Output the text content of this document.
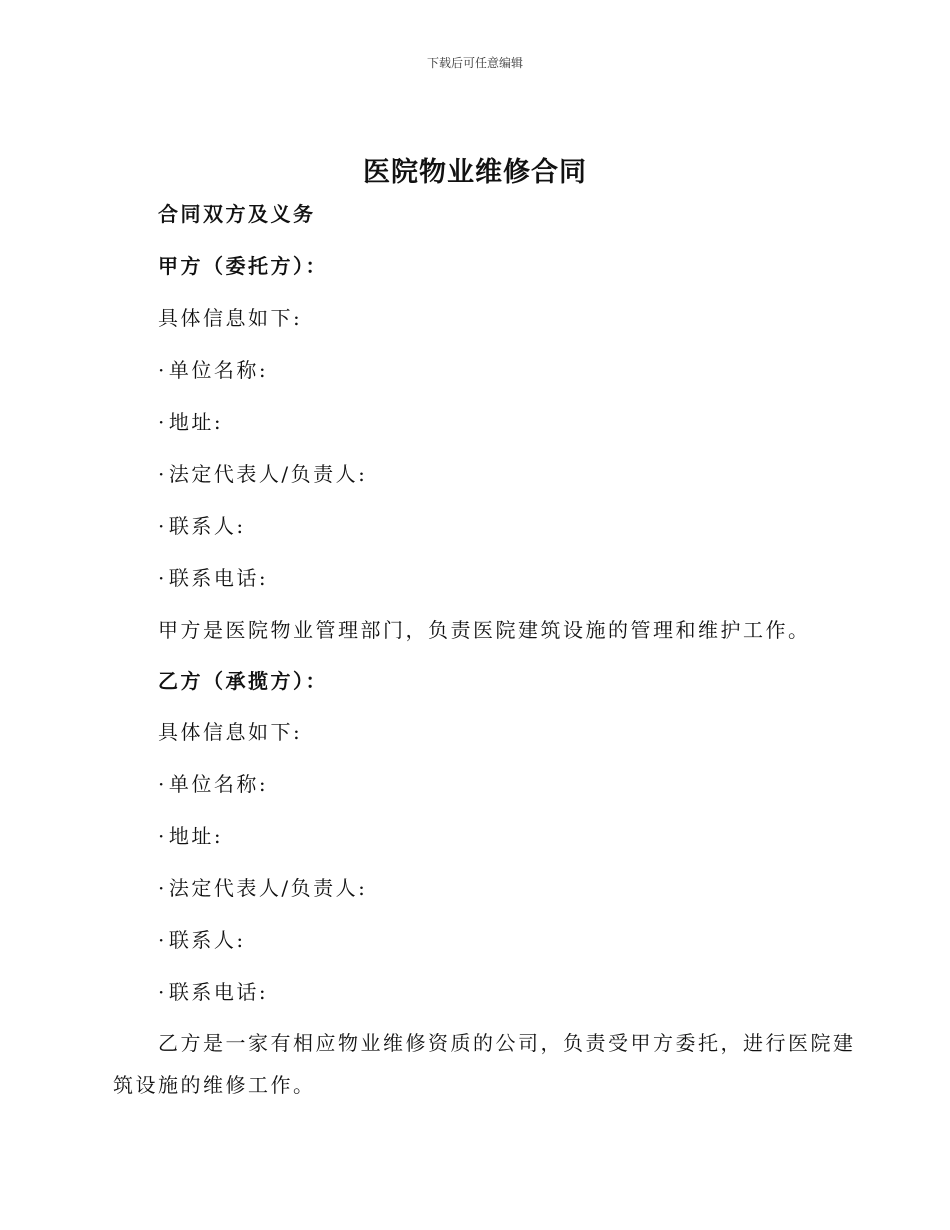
下载后可任意编辑
医院物业维修合同
合同双方及义务
甲方（委托方）：
具体信息如下:
· 单位名称:
· 地址:
· 法定代表人/负责人:
· 联系人:
· 联系电话:
甲方是医院物业管理部门，负责医院建筑设施的管理和维护工作。
乙方（承揽方）：
具体信息如下:
· 单位名称:
· 地址:
· 法定代表人/负责人:
· 联系人:
· 联系电话:
乙方是一家有相应物业维修资质的公司，负责受甲方委托，进行医院建
筑设施的维修工作。
